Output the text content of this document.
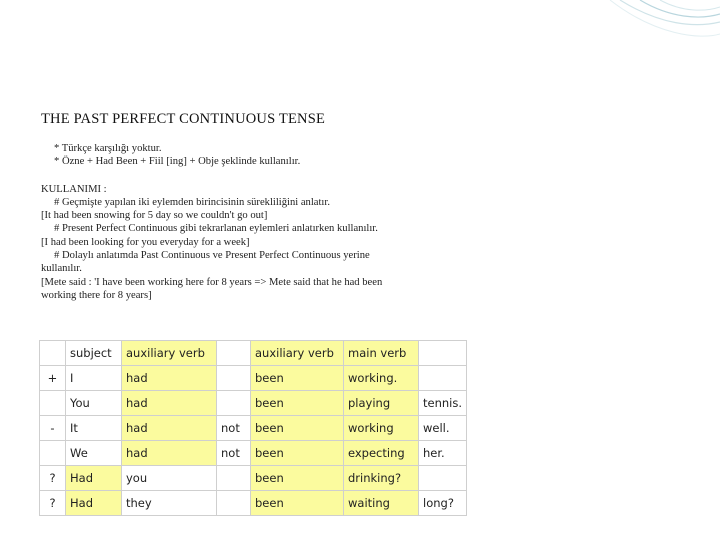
THE PAST PERFECT CONTINUOUS TENSE
* Türkçe karşılığı yoktur.
* Özne + Had Been + Fiil [ing] + Obje şeklinde kullanılır.
KULLANIMI :
# Geçmişte yapılan iki eylemden birincisinin sürekliliğini anlatır.
[It had been snowing for 5 day so we couldn't go out]
# Present Perfect Continuous gibi tekrarlanan eylemleri anlatırken kullanılır.
[I had been looking for you everyday for a week]
# Dolaylı anlatımda Past Continuous ve Present Perfect Continuous yerine
kullanılır.
[Mete said : 'I have been working here for 8 years => Mete said that he had been
working there for 8 years]
	subject	auxiliary verb		auxiliary verb	main verb	
+	I	had		been	working.	
	You	had		been	playing	tennis.
-	It	had	not	been	working	well.
	We	had	not	been	expecting	her.
?	Had	you		been	drinking?	
?	Had	they		been	waiting	long?
